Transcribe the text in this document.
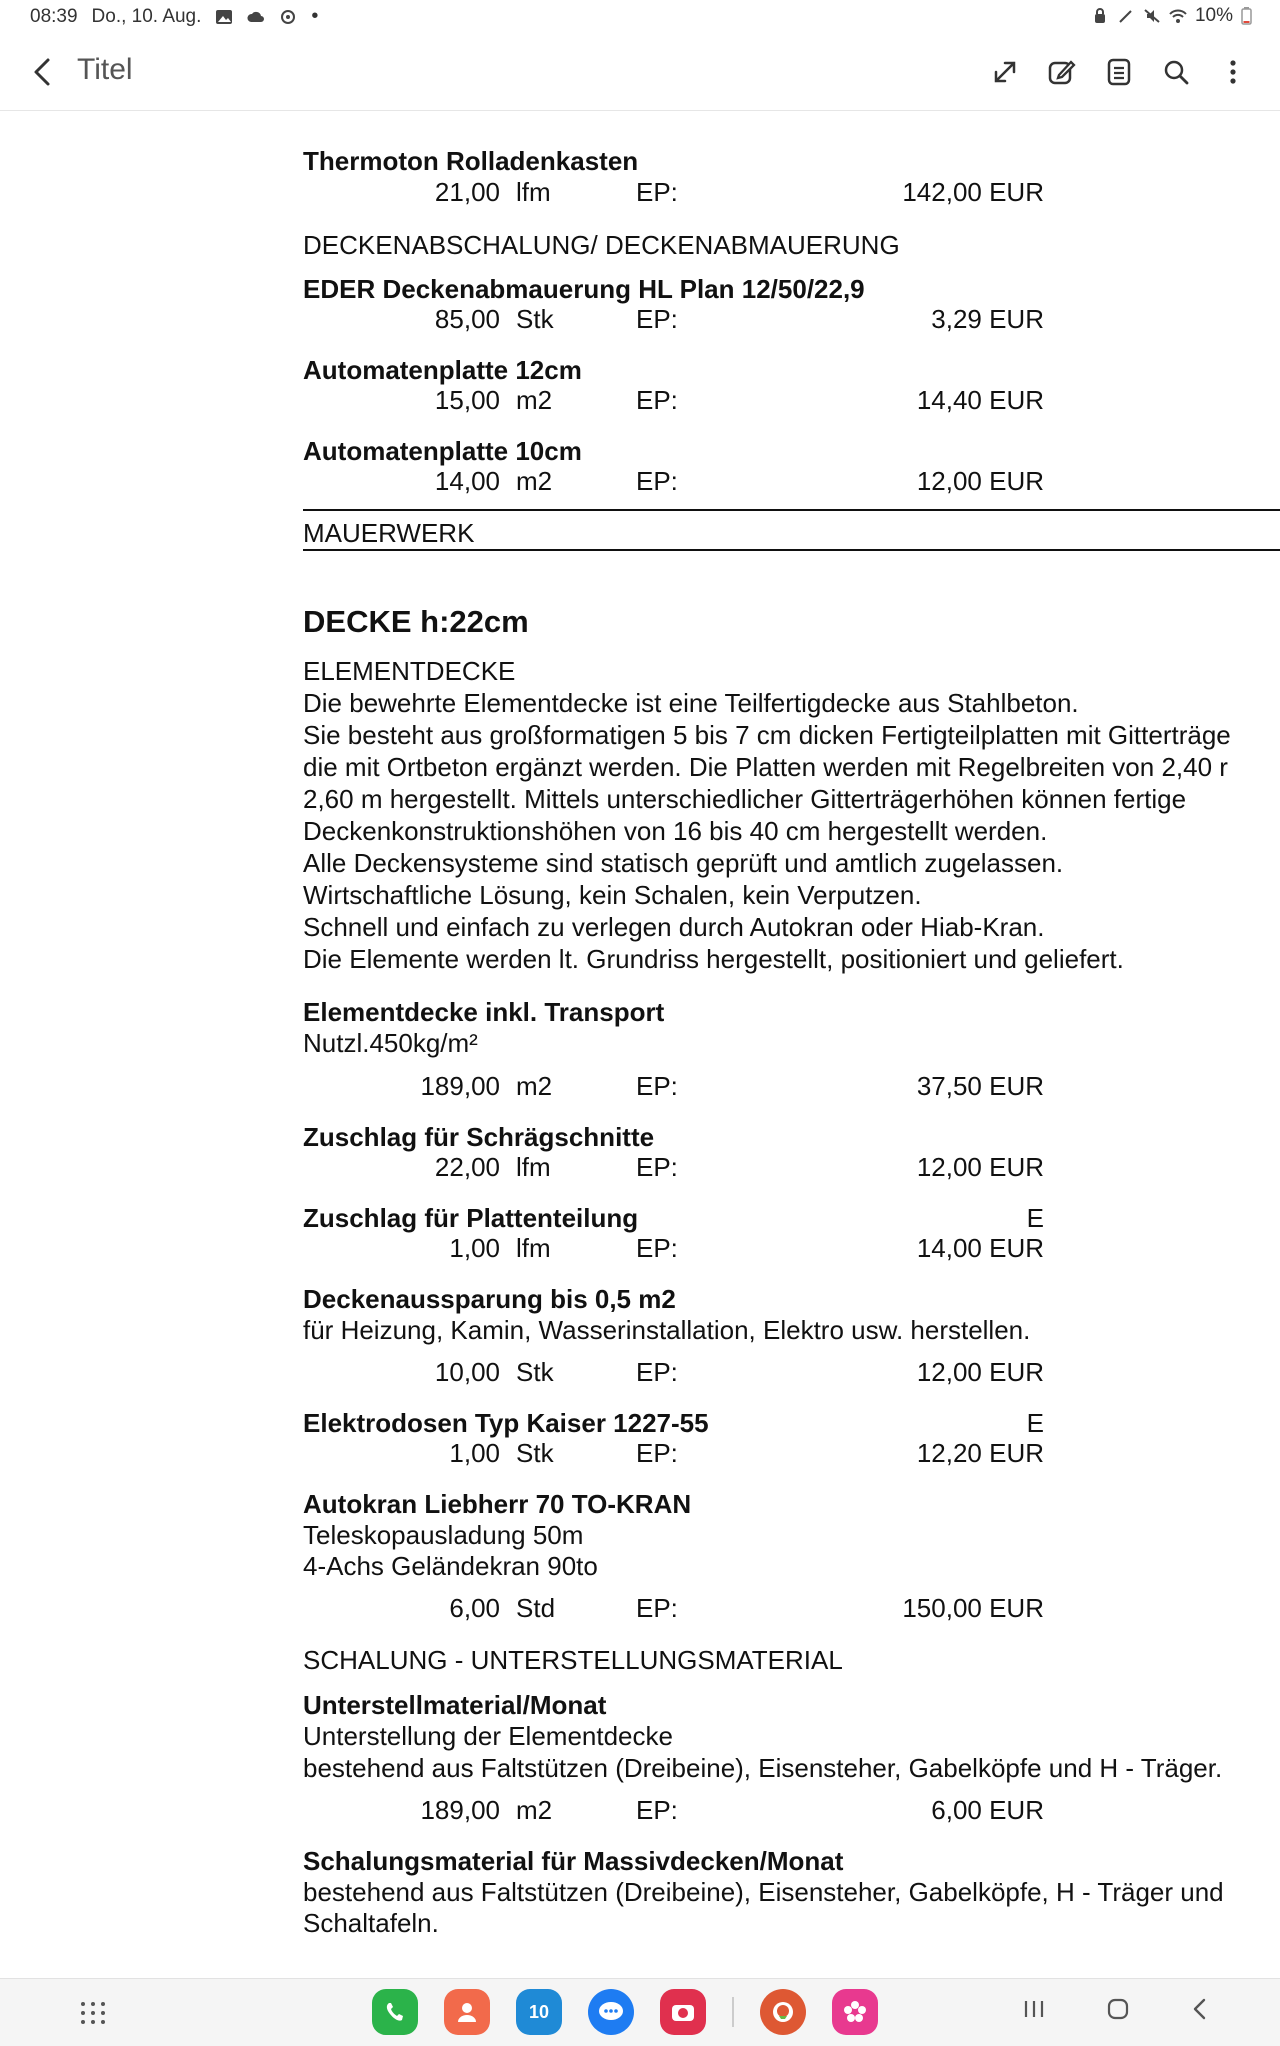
08:39 Do., 10. Aug.	•	10%
Titel
Thermoton Rolladenkasten
21,00 lfm	EP:	142,00 EUR
DECKENABSCHALUNG/ DECKENABMAUERUNG
EDER Deckenabmauerung HL Plan 12/50/22,9
85,00 Stk	EP:	3,29 EUR
Automatenplatte 12cm
15,00 m2	EP:	14,40 EUR
Automatenplatte 10cm
14,00 m2	EP:	12,00 EUR
MAUERWERK
DECKE h:22cm
ELEMENTDECKE
Die bewehrte Elementdecke ist eine Teilfertigdecke aus Stahlbeton.
Sie besteht aus großformatigen 5 bis 7 cm dicken Fertigteilplatten mit Gitterträge
die mit Ortbeton ergänzt werden. Die Platten werden mit Regelbreiten von 2,40 r
2,60 m hergestellt. Mittels unterschiedlicher Gitterträgerhöhen können fertige
Deckenkonstruktionshöhen von 16 bis 40 cm hergestellt werden.
Alle Deckensysteme sind statisch geprüft und amtlich zugelassen.
Wirtschaftliche Lösung, kein Schalen, kein Verputzen.
Schnell und einfach zu verlegen durch Autokran oder Hiab-Kran.
Die Elemente werden lt. Grundriss hergestellt, positioniert und geliefert.
Elementdecke inkl. Transport
Nutzl.450kg/m²
189,00 m2	EP:	37,50 EUR
Zuschlag für Schrägschnitte
22,00 lfm	EP:	12,00 EUR
Zuschlag für Plattenteilung	E
1,00 lfm	EP:	14,00 EUR
Deckenaussparung bis 0,5 m2
für Heizung, Kamin, Wasserinstallation, Elektro usw. herstellen.
10,00 Stk	EP:	12,00 EUR
Elektrodosen Typ Kaiser 1227-55	E
1,00 Stk	EP:	12,20 EUR
Autokran Liebherr 70 TO-KRAN
Teleskopausladung 50m
4-Achs Geländekran 90to
6,00 Std	EP:	150,00 EUR
SCHALUNG - UNTERSTELLUNGSMATERIAL
Unterstellmaterial/Monat
Unterstellung der Elementdecke
bestehend aus Faltstützen (Dreibeine), Eisensteher, Gabelköpfe und H - Träger.
189,00 m2	EP:	6,00 EUR
Schalungsmaterial für Massivdecken/Monat
bestehend aus Faltstützen (Dreibeine), Eisensteher, Gabelköpfe, H - Träger und
Schaltafeln.
10
